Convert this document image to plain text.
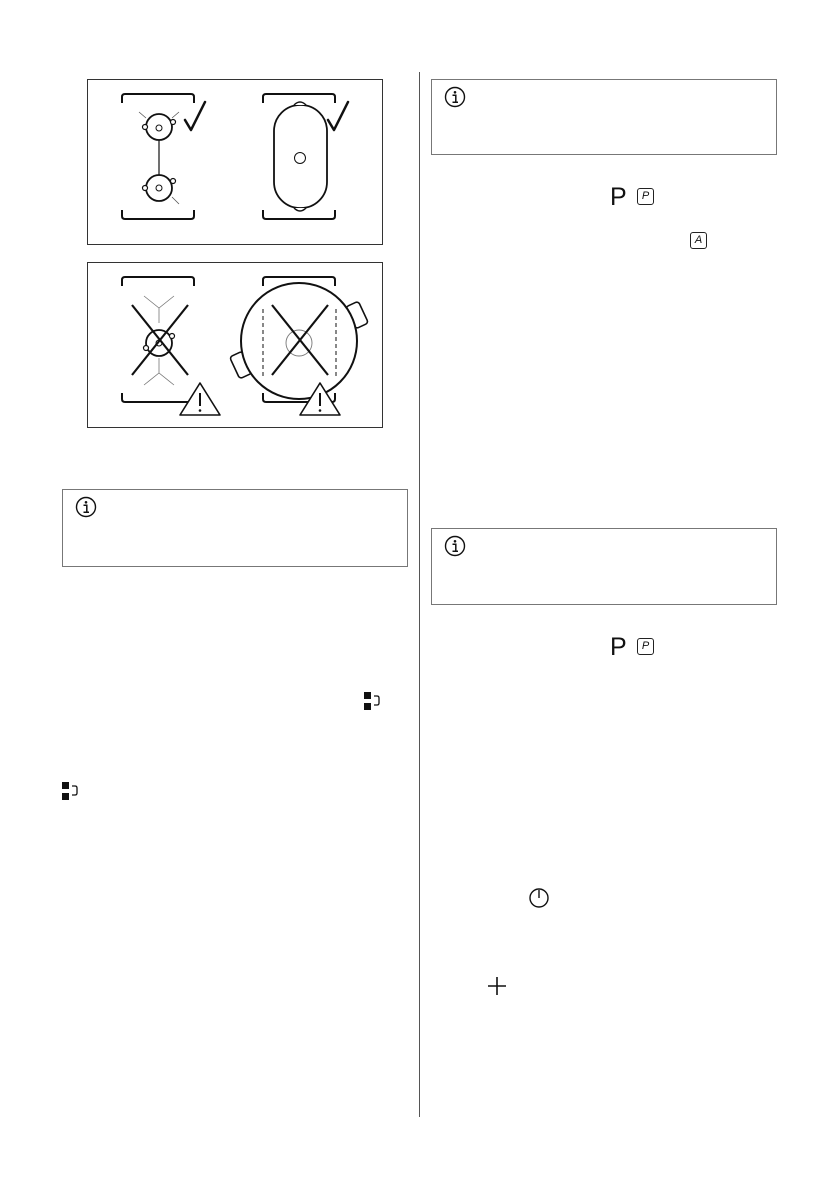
P	P
A
P	P
